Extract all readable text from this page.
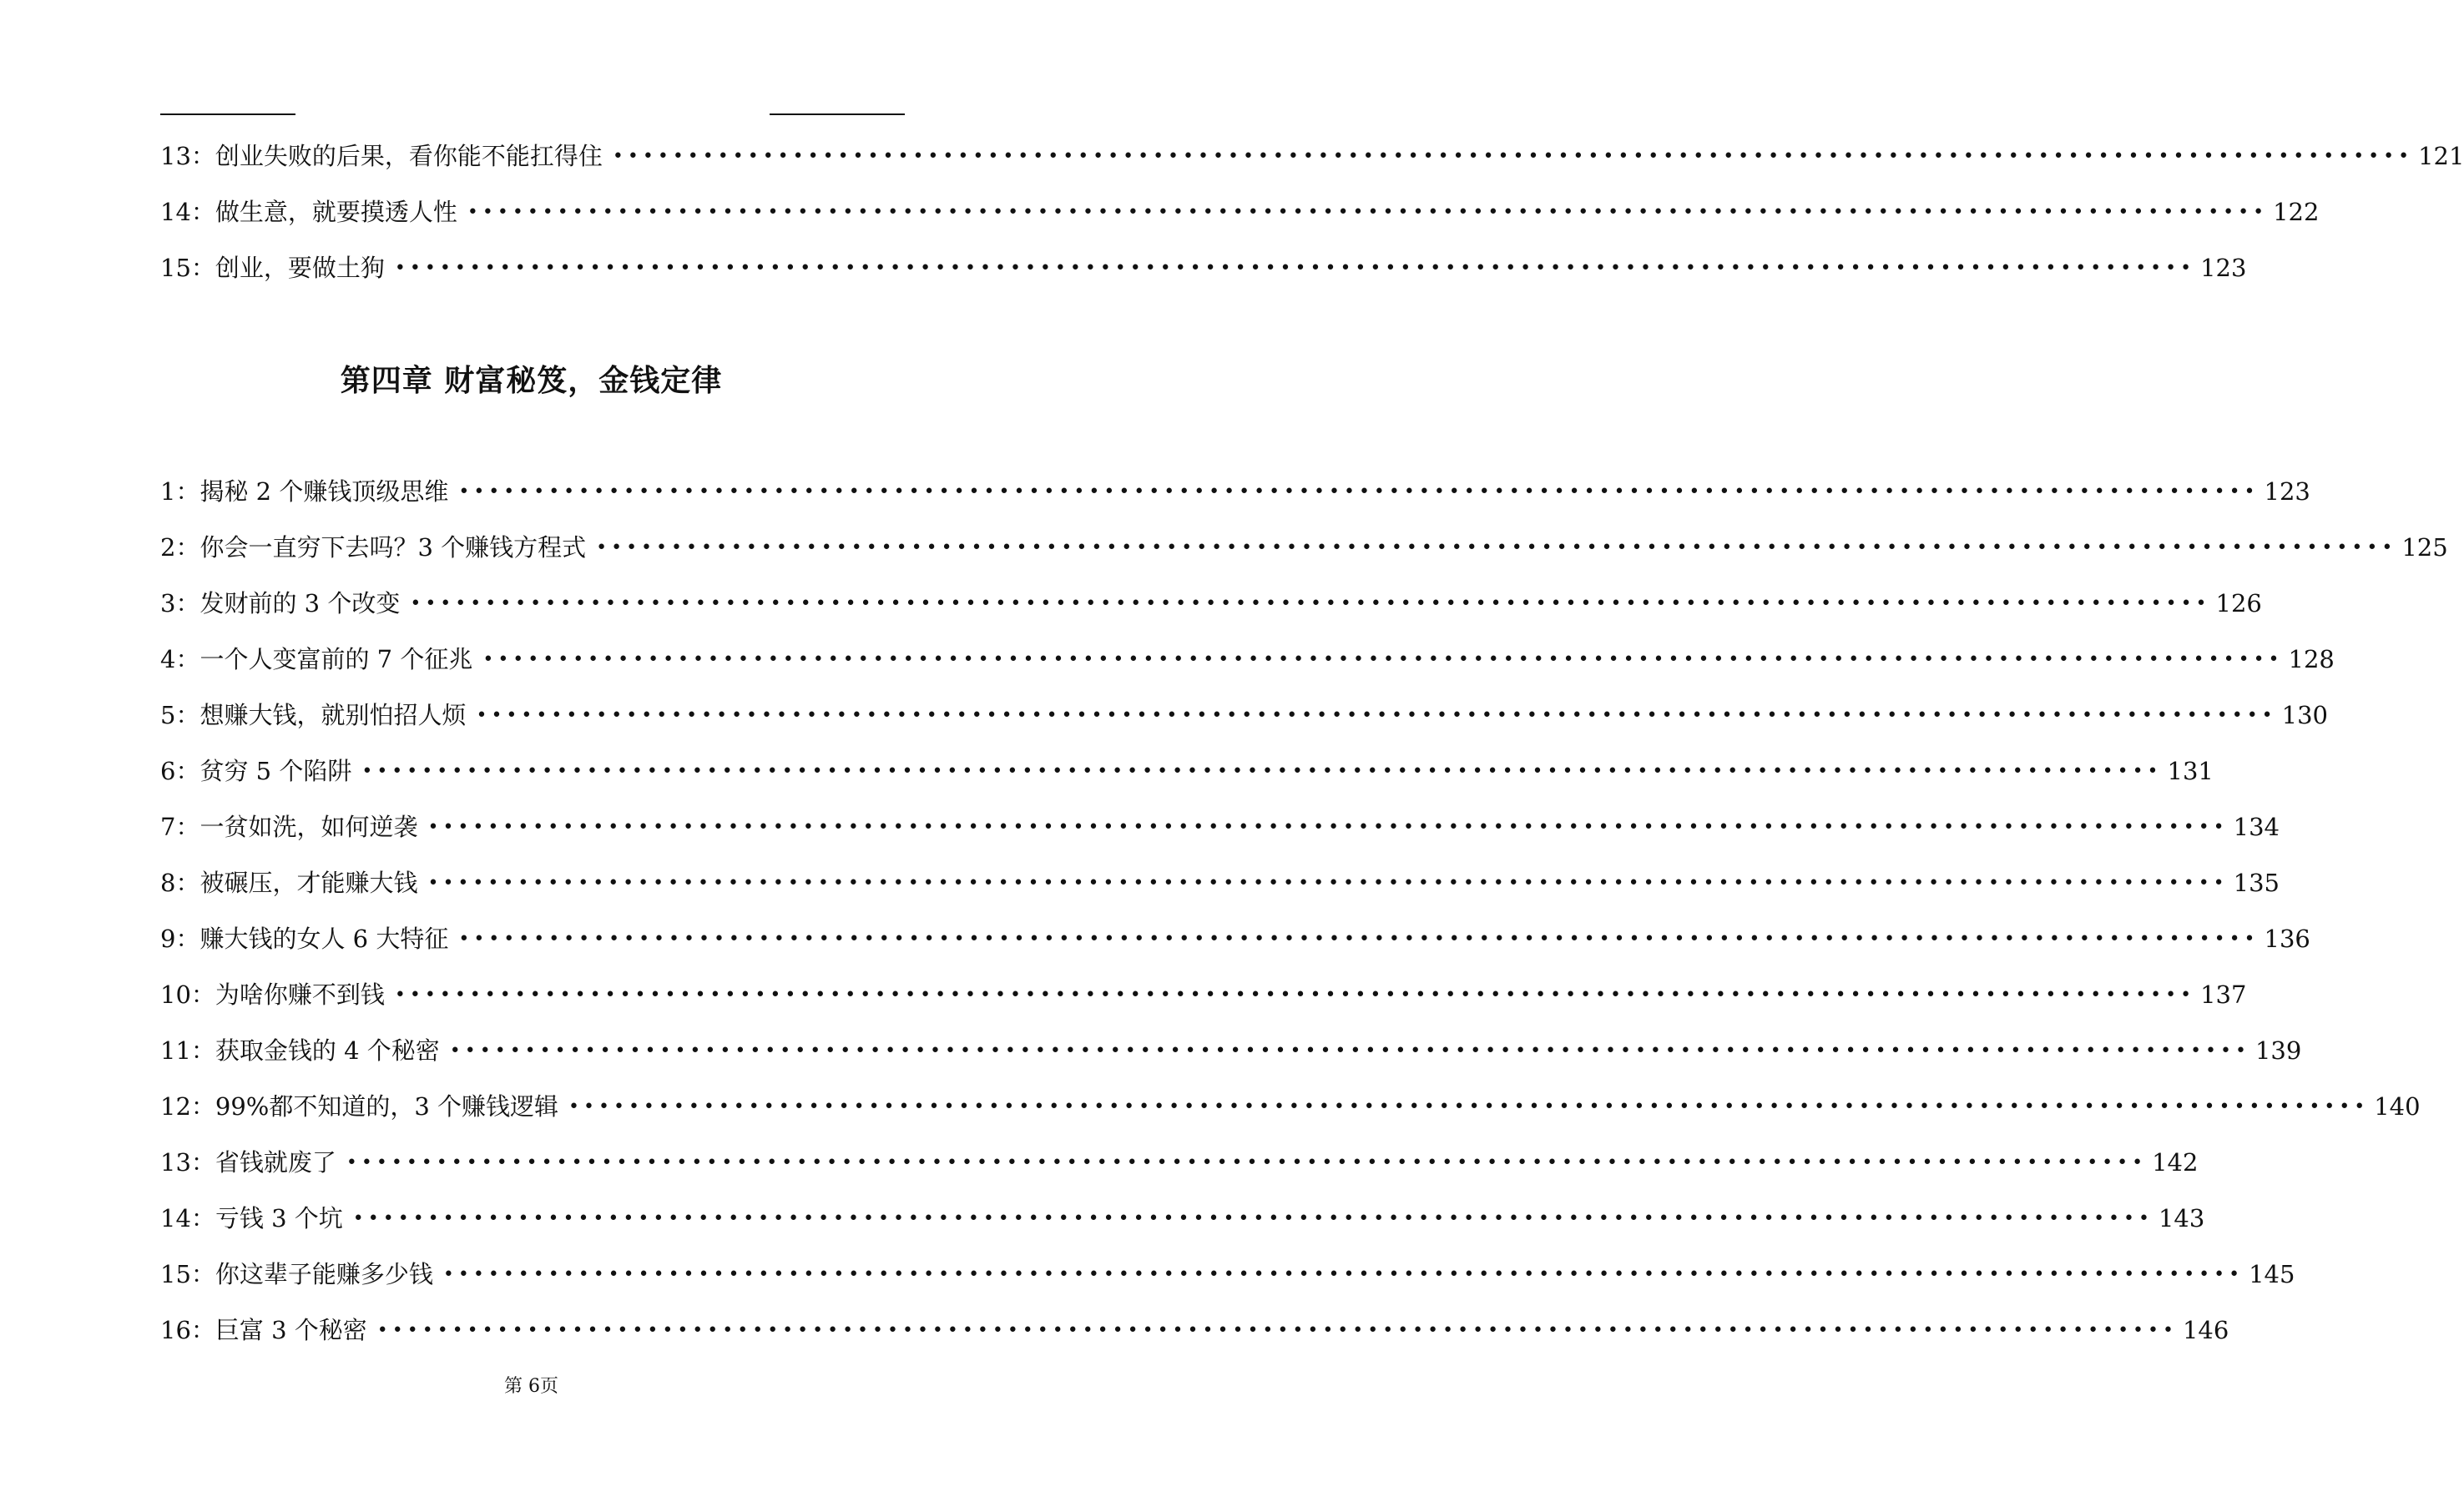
13： 创业失败的后果，看你能不能扛得住 •••••••••••••••••••••••••••••••••••••••••••••••••••••••••••••••••••••••••••••••••••••••••••••••••••••••••••••••••••••••• 121
14： 做生意，就要摸透人性 •••••••••••••••••••••••••••••••••••••••••••••••••••••••••••••••••••••••••••••••••••••••••••••••••••••••••••••••••••••••• 122
15： 创业，要做土狗 •••••••••••••••••••••••••••••••••••••••••••••••••••••••••••••••••••••••••••••••••••••••••••••••••••••••••••••••••••••••• 123
第四章 财富秘笈，金钱定律
1： 揭秘 2 个赚钱顶级思维 •••••••••••••••••••••••••••••••••••••••••••••••••••••••••••••••••••••••••••••••••••••••••••••••••••••••••••••••••••••••• 123
2： 你会一直穷下去吗？3 个赚钱方程式 •••••••••••••••••••••••••••••••••••••••••••••••••••••••••••••••••••••••••••••••••••••••••••••••••••••••••••••••••••••••• 125
3： 发财前的 3 个改变 •••••••••••••••••••••••••••••••••••••••••••••••••••••••••••••••••••••••••••••••••••••••••••••••••••••••••••••••••••••••• 126
4： 一个人变富前的 7 个征兆 •••••••••••••••••••••••••••••••••••••••••••••••••••••••••••••••••••••••••••••••••••••••••••••••••••••••••••••••••••••••• 128
5： 想赚大钱，就别怕招人烦 •••••••••••••••••••••••••••••••••••••••••••••••••••••••••••••••••••••••••••••••••••••••••••••••••••••••••••••••••••••••• 130
6： 贫穷 5 个陷阱 •••••••••••••••••••••••••••••••••••••••••••••••••••••••••••••••••••••••••••••••••••••••••••••••••••••••••••••••••••••••• 131
7： 一贫如洗，如何逆袭 •••••••••••••••••••••••••••••••••••••••••••••••••••••••••••••••••••••••••••••••••••••••••••••••••••••••••••••••••••••••• 134
8： 被碾压，才能赚大钱 •••••••••••••••••••••••••••••••••••••••••••••••••••••••••••••••••••••••••••••••••••••••••••••••••••••••••••••••••••••••• 135
9： 赚大钱的女人 6 大特征 •••••••••••••••••••••••••••••••••••••••••••••••••••••••••••••••••••••••••••••••••••••••••••••••••••••••••••••••••••••••• 136
10： 为啥你赚不到钱 •••••••••••••••••••••••••••••••••••••••••••••••••••••••••••••••••••••••••••••••••••••••••••••••••••••••••••••••••••••••• 137
11： 获取金钱的 4 个秘密 •••••••••••••••••••••••••••••••••••••••••••••••••••••••••••••••••••••••••••••••••••••••••••••••••••••••••••••••••••••••• 139
12： 99%都不知道的，3 个赚钱逻辑 •••••••••••••••••••••••••••••••••••••••••••••••••••••••••••••••••••••••••••••••••••••••••••••••••••••••••••••••••••••••• 140
13： 省钱就废了 •••••••••••••••••••••••••••••••••••••••••••••••••••••••••••••••••••••••••••••••••••••••••••••••••••••••••••••••••••••••• 142
14： 亏钱 3 个坑 •••••••••••••••••••••••••••••••••••••••••••••••••••••••••••••••••••••••••••••••••••••••••••••••••••••••••••••••••••••••• 143
15： 你这辈子能赚多少钱 •••••••••••••••••••••••••••••••••••••••••••••••••••••••••••••••••••••••••••••••••••••••••••••••••••••••••••••••••••••••• 145
16： 巨富 3 个秘密 •••••••••••••••••••••••••••••••••••••••••••••••••••••••••••••••••••••••••••••••••••••••••••••••••••••••••••••••••••••••• 146
第 6页
